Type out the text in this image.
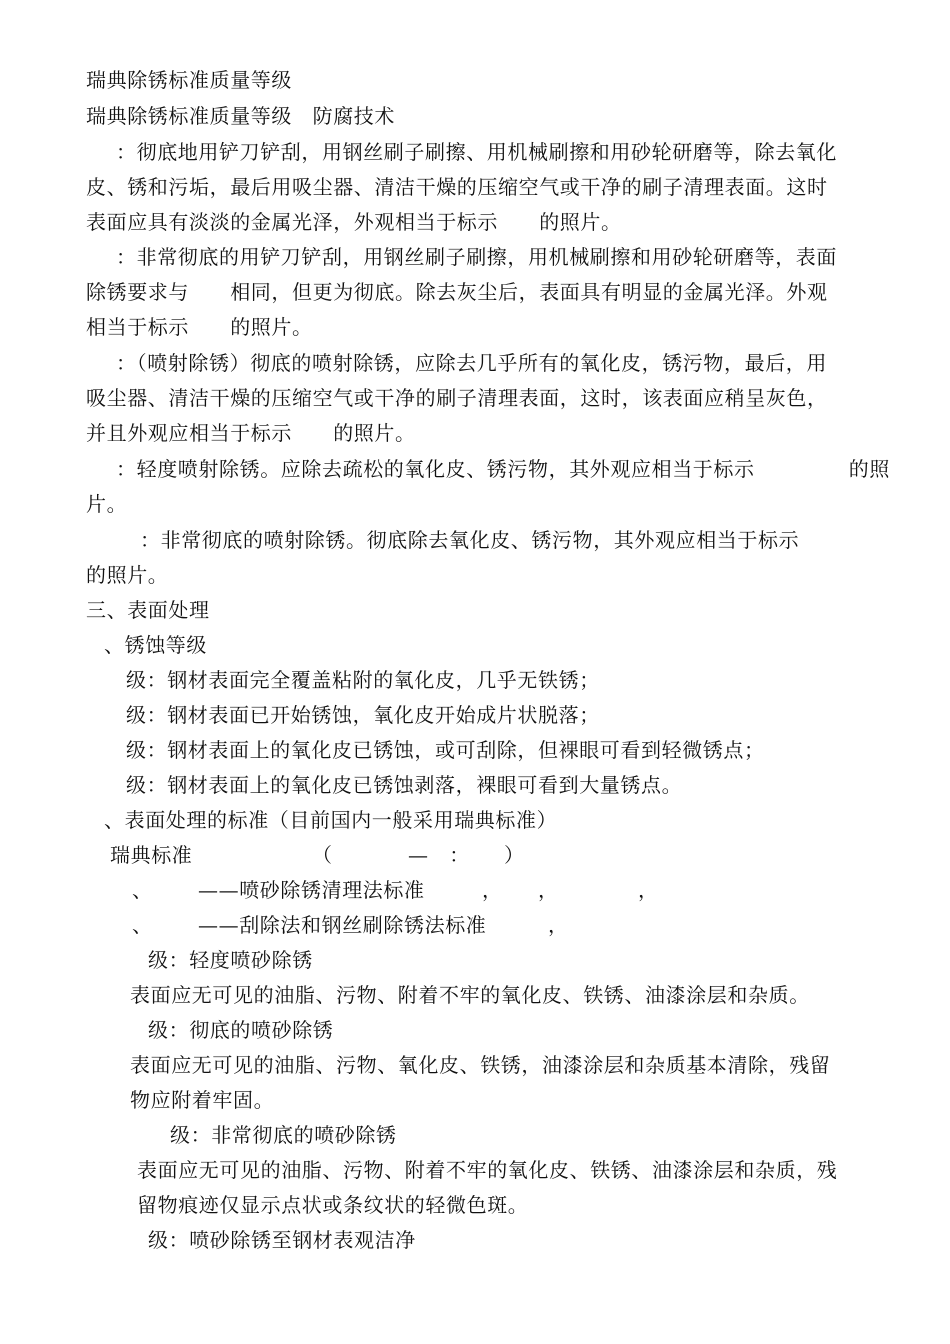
瑞典除锈标准质量等级
瑞典除锈标准质量等级　防腐技术
：彻底地用铲刀铲刮，用钢丝刷子刷擦、用机械刷擦和用砂轮研磨等，除去氧化
皮、锈和污垢，最后用吸尘器、清洁干燥的压缩空气或干净的刷子清理表面。这时
表面应具有淡淡的金属光泽，外观相当于标示　　的照片。
：非常彻底的用铲刀铲刮，用钢丝刷子刷擦，用机械刷擦和用砂轮研磨等，表面
除锈要求与　　相同，但更为彻底。除去灰尘后，表面具有明显的金属光泽。外观
相当于标示　　的照片。
：（喷射除锈）彻底的喷射除锈，应除去几乎所有的氧化皮，锈污物，最后，用
吸尘器、清洁干燥的压缩空气或干净的刷子清理表面，这时，该表面应稍呈灰色，
并且外观应相当于标示　　的照片。
：轻度喷射除锈。应除去疏松的氧化皮、锈污物，其外观应相当于标示	的照
片。
：非常彻底的喷射除锈。彻底除去氧化皮、锈污物，其外观应相当于标示
的照片。
三、表面处理
、锈蚀等级
级：钢材表面完全覆盖粘附的氧化皮，几乎无铁锈；
级：钢材表面已开始锈蚀，氧化皮开始成片状脱落；
级：钢材表面上的氧化皮已锈蚀，或可刮除，但裸眼可看到轻微锈点；
级：钢材表面上的氧化皮已锈蚀剥落，裸眼可看到大量锈点。
、表面处理的标准（目前国内一般采用瑞典标准）
瑞典标准	（	—　： ）
、 ——喷砂除锈清理法标准	， ，	，
、 ——刮除法和钢丝刷除锈法标准	，
级：轻度喷砂除锈
表面应无可见的油脂、污物、附着不牢的氧化皮、铁锈、油漆涂层和杂质。
级：彻底的喷砂除锈
表面应无可见的油脂、污物、氧化皮、铁锈，油漆涂层和杂质基本清除，残留
物应附着牢固。
级：非常彻底的喷砂除锈
表面应无可见的油脂、污物、附着不牢的氧化皮、铁锈、油漆涂层和杂质，残
留物痕迹仅显示点状或条纹状的轻微色斑。
级：喷砂除锈至钢材表观洁净
